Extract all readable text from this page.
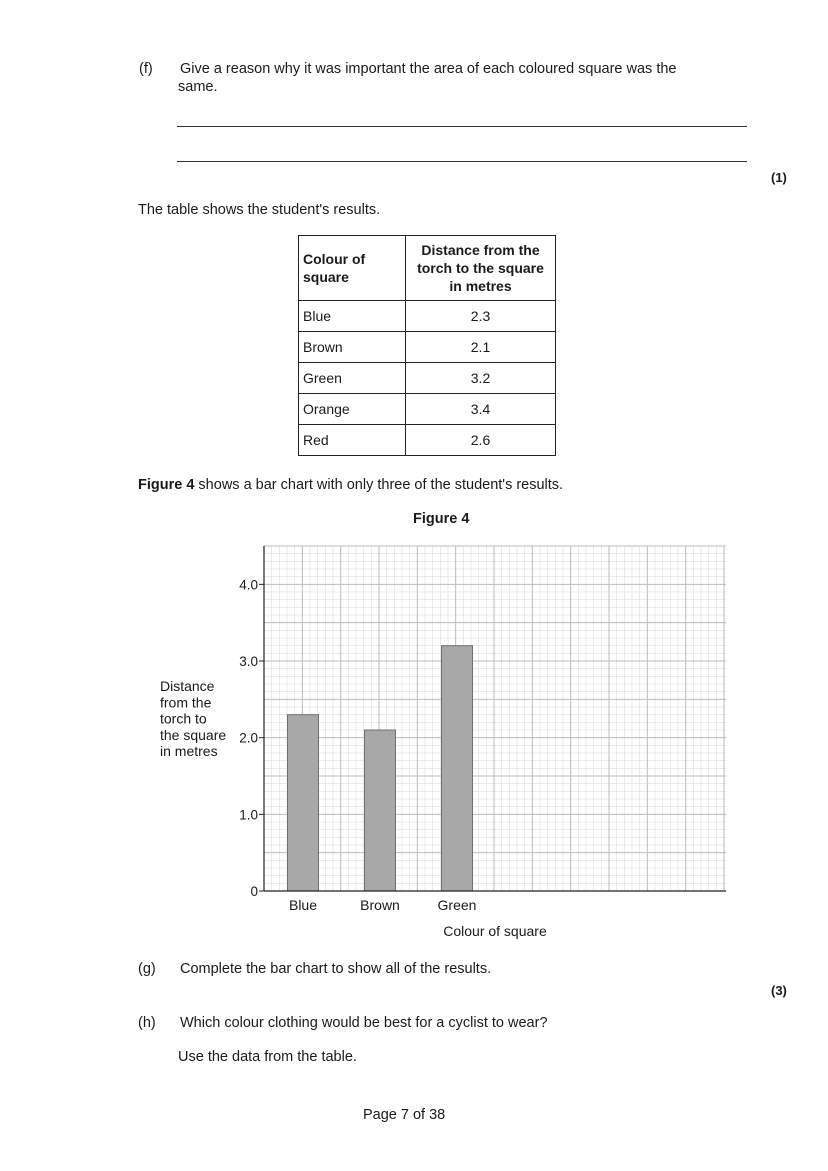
(f) Give a reason why it was important the area of each coloured square was the
same.
(1)
The table shows the student's results.
Colour of
square	Distance from the
torch to the square
in metres
Blue	2.3
Brown	2.1
Green	3.2
Orange	3.4
Red	2.6
Figure 4 shows a bar chart with only three of the student's results.
Figure 4
0
1.0
2.0
3.0
4.0
Blue	Brown	Green
Distance
from the
torch to
the square
in metres
Colour of square
(g) Complete the bar chart to show all of the results.
(3)
(h) Which colour clothing would be best for a cyclist to wear?
Use the data from the table.
Page 7 of 38
